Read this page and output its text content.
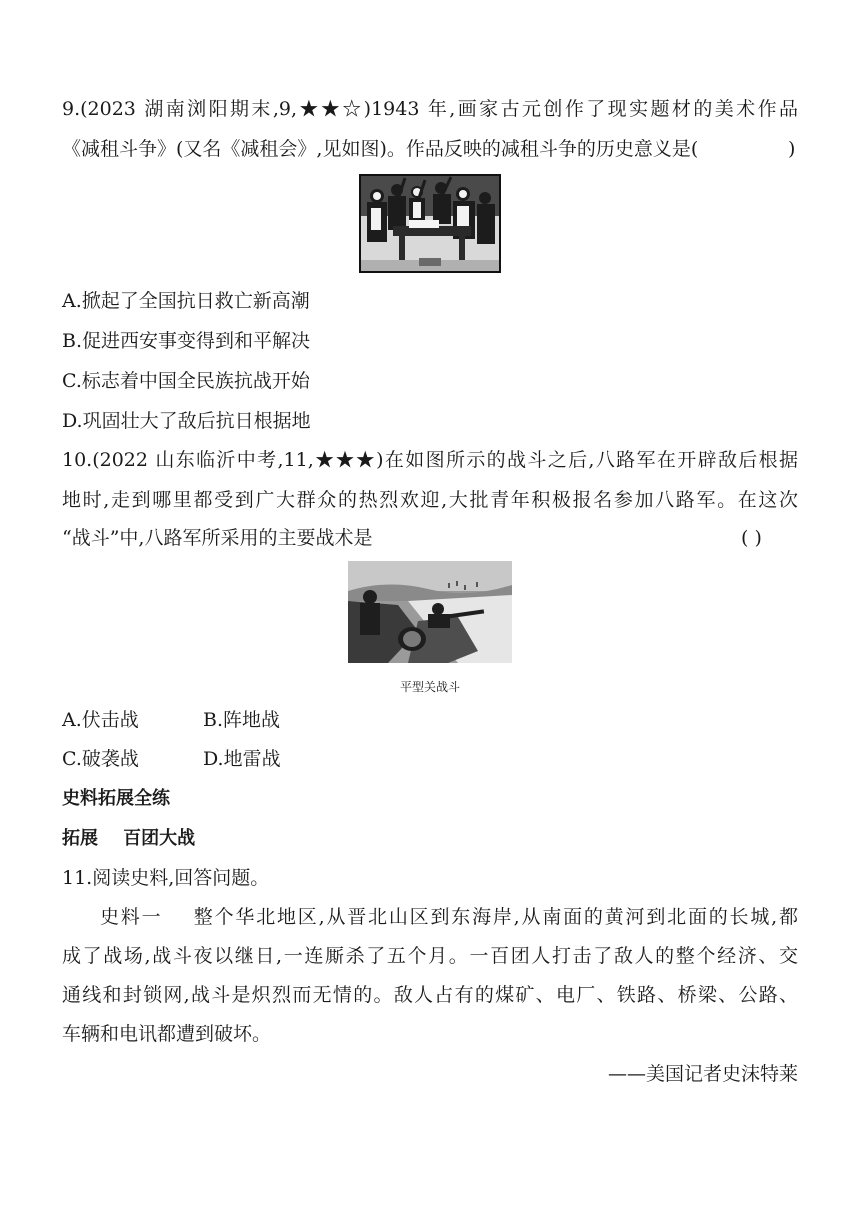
9.(2023 湖南浏阳期末,9,★★☆)1943 年,画家古元创作了现实题材的美术作品
《减租斗争》(又名《减租会》,见如图)。作品反映的减租斗争的历史意义是(	)
A.掀起了全国抗日救亡新高潮
B.促进西安事变得到和平解决
C.标志着中国全民族抗战开始
D.巩固壮大了敌后抗日根据地
10.(2022 山东临沂中考,11,★★★)在如图所示的战斗之后,八路军在开辟敌后根据
地时,走到哪里都受到广大群众的热烈欢迎,大批青年积极报名参加八路军。在这次
“战斗”中,八路军所采用的主要战术是	( )
平型关战斗
A.伏击战	B.阵地战
C.破袭战	D.地雷战
史料拓展全练
拓展    百团大战
11.阅读史料,回答问题。
史料一    整个华北地区,从晋北山区到东海岸,从南面的黄河到北面的长城,都
成了战场,战斗夜以继日,一连厮杀了五个月。一百团人打击了敌人的整个经济、交
通线和封锁网,战斗是炽烈而无情的。敌人占有的煤矿、电厂、铁路、桥梁、公路、
车辆和电讯都遭到破坏。
——美国记者史沫特莱
